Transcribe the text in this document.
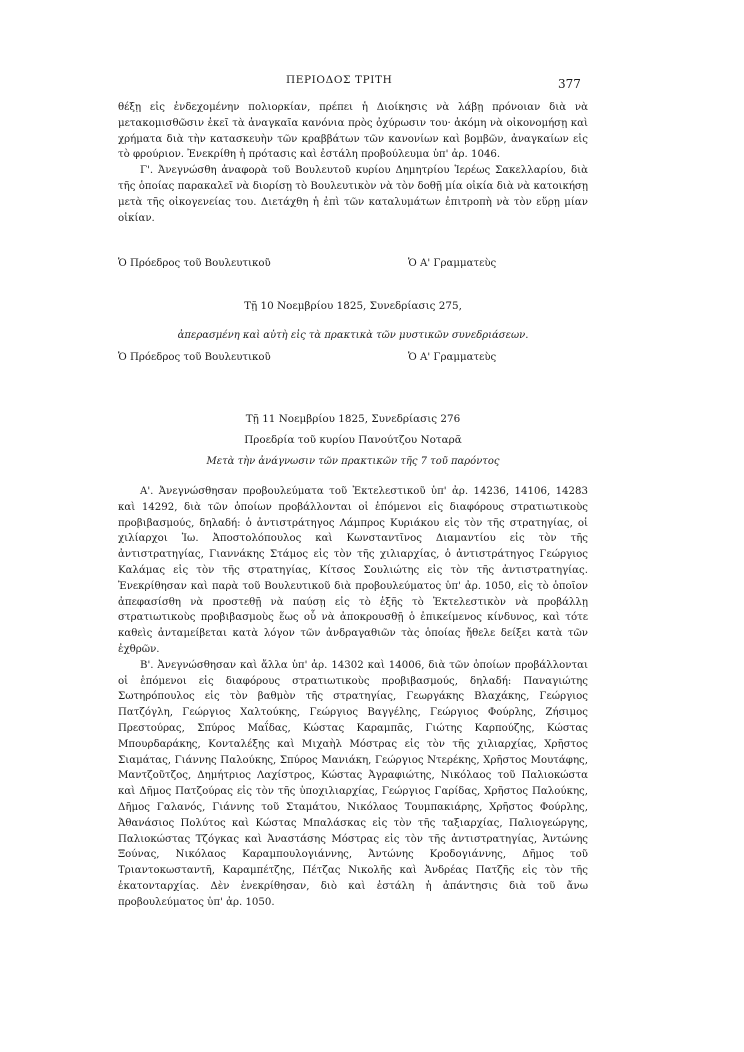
ΠΕΡΙΟΔΟΣ ΤΡΙΤΗ	377

θέξῃ εἰς ἐνδεχομένην πολιορκίαν, πρέπει ἡ Διοίκησις νὰ λάβῃ πρόνοιαν διὰ νὰ μετακομισθῶσιν ἐκεῖ τὰ ἀναγκαῖα κανόνια πρὸς ὀχύρωσιν του· ἀκόμη νὰ οἰκονομήσῃ καὶ χρήματα διὰ τὴν κατασκευὴν τῶν κραββάτων τῶν κανονίων καὶ βομβῶν, ἀναγκαίων εἰς τὸ φρούριον. Ἐνεκρίθη ἡ πρότασις καὶ ἐστάλη προβούλευμα ὑπ' ἀρ. 1046.

Γ'. Ἀνεγνώσθη ἀναφορὰ τοῦ Βουλευτοῦ κυρίου Δημητρίου Ἱερέως Σακελλαρίου, διὰ τῆς ὁποίας παρακαλεῖ νὰ διορίσῃ τὸ Βουλευτικὸν νὰ τὸν δοθῇ μία οἰκία διὰ νὰ κατοικήσῃ μετὰ τῆς οἰκογενείας του. Διετάχθη ἡ ἐπὶ τῶν καταλυμάτων ἐπιτροπὴ νὰ τὸν εὕρῃ μίαν οἰκίαν.

Ὁ Πρόεδρος τοῦ Βουλευτικοῦ	Ὁ Α' Γραμματεὺς
Τῇ 10 Νοεμβρίου 1825, Συνεδρίασις 275,
ἀπερασμένη καὶ αὐτὴ εἰς τὰ πρακτικὰ τῶν μυστικῶν συνεδριάσεων.
Ὁ Πρόεδρος τοῦ Βουλευτικοῦ	Ὁ Α' Γραμματεὺς
Τῇ 11 Νοεμβρίου 1825, Συνεδρίασις 276
Προεδρία τοῦ κυρίου Πανούτζου Νοταρᾶ
Μετὰ τὴν ἀνάγνωσιν τῶν πρακτικῶν τῆς 7 τοῦ παρόντος

Α'. Ἀνεγνώσθησαν προβουλεύματα τοῦ Ἐκτελεστικοῦ ὑπ' ἀρ. 14236, 14106, 14283 καὶ 14292, διὰ τῶν ὁποίων προβάλλονται οἱ ἑπόμενοι εἰς διαφόρους στρατιωτικοὺς προβιβασμούς, δηλαδή: ὁ ἀντιστράτηγος Λάμπρος Κυριάκου εἰς τὸν τῆς στρατηγίας, οἱ χιλίαρχοι Ἰω. Ἀποστολόπουλος καὶ Κωνσταντῖνος Διαμαντίου εἰς τὸν τῆς ἀντιστρατηγίας, Γιαννάκης Στάμος εἰς τὸν τῆς χιλιαρχίας, ὁ ἀντιστράτηγος Γεώργιος Καλάμας εἰς τὸν τῆς στρατηγίας, Κίτσος Σουλιώτης εἰς τὸν τῆς ἀντιστρατηγίας. Ἐνεκρίθησαν καὶ παρὰ τοῦ Βουλευτικοῦ διὰ προβουλεύματος ὑπ' ἀρ. 1050, εἰς τὸ ὁποῖον ἀπεφασίσθη νὰ προστεθῇ νὰ παύσῃ εἰς τὸ ἑξῆς τὸ Ἐκτελεστικὸν νὰ προβάλλῃ στρατιωτικοὺς προβιβασμοὺς ἕως οὗ νὰ ἀποκρουσθῇ ὁ ἐπικείμενος κίνδυνος, καὶ τότε καθεὶς ἀνταμείβεται κατὰ λόγον τῶν ἀνδραγαθιῶν τὰς ὁποίας ἤθελε δείξει κατὰ τῶν ἐχθρῶν.

Β'. Ἀνεγνώσθησαν καὶ ἄλλα ὑπ' ἀρ. 14302 καὶ 14006, διὰ τῶν ὁποίων προβάλλονται οἱ ἑπόμενοι εἰς διαφόρους στρατιωτικοὺς προβιβασμούς, δηλαδή: Παναγιώτης Σωτηρόπουλος εἰς τὸν βαθμὸν τῆς στρατηγίας, Γεωργάκης Βλαχάκης, Γεώργιος Πατζόγλη, Γεώργιος Χαλτούκης, Γεώργιος Βαγγέλης, Γεώργιος Φούρλης, Ζήσιμος Πρεστούρας, Σπύρος Μαΐδας, Κώστας Καραμπᾶς, Γιώτης Καρπούζης, Κώστας Μπουρδαράκης, Κονταλέξης καὶ Μιχαὴλ Μόστρας εἰς τὸν τῆς χιλιαρχίας, Χρῆστος Σιαμάτας, Γιάννης Παλούκης, Σπύρος Μανιάκη, Γεώργιος Ντερέκης, Χρῆστος Μουτάφης, Μαντζοῦτζος, Δημήτριος Λαχίστρος, Κώστας Ἀγραφιώτης, Νικόλαος τοῦ Παλιοκώστα καὶ Δῆμος Πατζούρας εἰς τὸν τῆς ὑποχιλιαρχίας, Γεώργιος Γαρίδας, Χρῆστος Παλούκης, Δῆμος Γαλανός, Γιάννης τοῦ Σταμάτου, Νικόλαος Τουμπακιάρης, Χρῆστος Φούρλης, Ἀθανάσιος Πολύτος καὶ Κώστας Μπαλάσκας εἰς τὸν τῆς ταξιαρχίας, Παλιογεώργης, Παλιοκώστας Τζόγκας καὶ Ἀναστάσης Μόστρας εἰς τὸν τῆς ἀντιστρατηγίας, Ἀντώνης Ξούνας, Νικόλαος Καραμπουλογιάννης, Ἀντώνης Κροδογιάννης, Δῆμος τοῦ Τριαντοκωσταντῆ, Καραμπέτζης, Πέτζας Νικολῆς καὶ Ἀνδρέας Πατζῆς εἰς τὸν τῆς ἑκατονταρχίας. Δὲν ἐνεκρίθησαν, διὸ καὶ ἐστάλη ἡ ἀπάντησις διὰ τοῦ ἄνω προβουλεύματος ὑπ' ἀρ. 1050.
